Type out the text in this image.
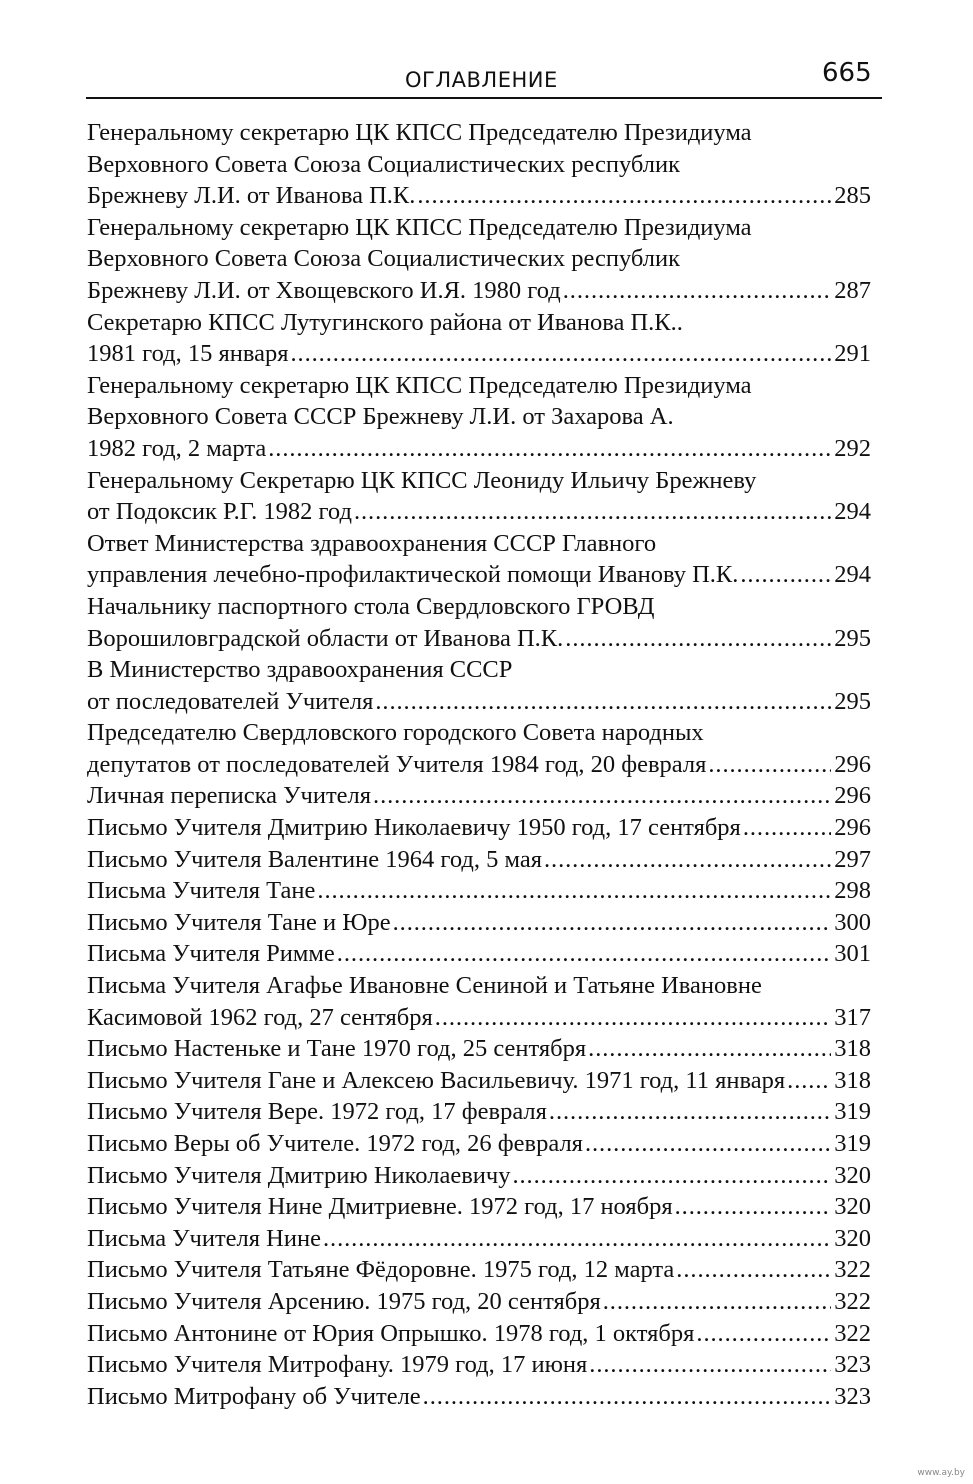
ОГЛАВЛЕНИЕ	665
Генеральному секретарю ЦК КПСС Председателю Президиума
Верховного Совета Союза Социалистических республик
Брежневу Л.И. от Иванова П.К. . . .	285
Генеральному секретарю ЦК КПСС Председателю Президиума
Верховного Совета Союза Социалистических республик
Брежневу Л.И. от Хвощевского И.Я. 1980 год . . .	287
Секретарю КПСС Лутугинского района от Иванова П.К..
1981 год, 15 января . . .	291
Генеральному секретарю ЦК КПСС Председателю Президиума
Верховного Совета СССР Брежневу Л.И. от Захарова А.
1982 год, 2 марта . . .	292
Генеральному Секретарю ЦК КПСС Леониду Ильичу Брежневу
от Подоксик Р.Г. 1982 год . . .	294
Ответ Министерства здравоохранения СССР Главного
управления лечебно-профилактической помощи Иванову П.К. . . .	294
Начальнику паспортного стола Свердловского ГРОВД
Ворошиловградской области от Иванова П.К. . . .	295
В Министерство здравоохранения СССР
от последователей Учителя . . .	295
Председателю Свердловского городского Совета народных
депутатов от последователей Учителя 1984 год, 20 февраля . . .	296
Личная переписка Учителя . . .	296
Письмо Учителя Дмитрию Николаевичу 1950 год, 17 сентября . . .	296
Письмо Учителя Валентине 1964 год, 5 мая . . .	297
Письма Учителя Тане . . .	298
Письмо Учителя Тане и Юре . . .	300
Письма Учителя Римме . . .	301
Письма Учителя Агафье Ивановне Сениной и Татьяне Ивановне
Касимовой 1962 год, 27 сентября . . .	317
Письмо Настеньке и Тане 1970 год, 25 сентября . . .	318
Письмо Учителя Гане и Алексею Васильевичу. 1971 год, 11 января . . . 318
Письмо Учителя Вере. 1972 год, 17 февраля . . .	319
Письмо Веры об Учителе. 1972 год, 26 февраля . . .	319
Письмо Учителя Дмитрию Николаевичу . . .	320
Письмо Учителя Нине Дмитриевне. 1972 год, 17 ноября . . .	320
Письма Учителя Нине . . .	320
Письмо Учителя Татьяне Фёдоровне. 1975 год, 12 марта . . .	322
Письмо Учителя Арсению. 1975 год, 20 сентября . . .	322
Письмо Антонине от Юрия Опрышко. 1978 год, 1 октября . . .	322
Письмо Учителя Митрофану. 1979 год, 17 июня . . .	323
Письмо Митрофану об Учителе . . .	323
www.ay.by
